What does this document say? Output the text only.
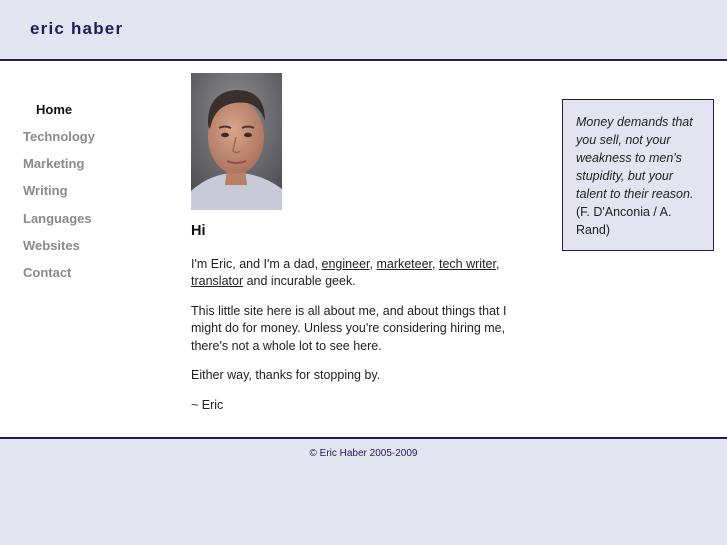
eric haber
Home
Technology
Marketing
Writing
Languages
Websites
Contact
Hi

I'm Eric, and I'm a dad, engineer, marketeer, tech writer, translator and incurable geek.

This little site here is all about me, and about things that I might do for money. Unless you're considering hiring me, there's not a whole lot to see here.

Either way, thanks for stopping by.

~ Eric

Money demands that you sell, not your weakness to men's stupidity, but your talent to their reason.
(F. D'Anconia / A. Rand)
© Eric Haber 2005-2009
